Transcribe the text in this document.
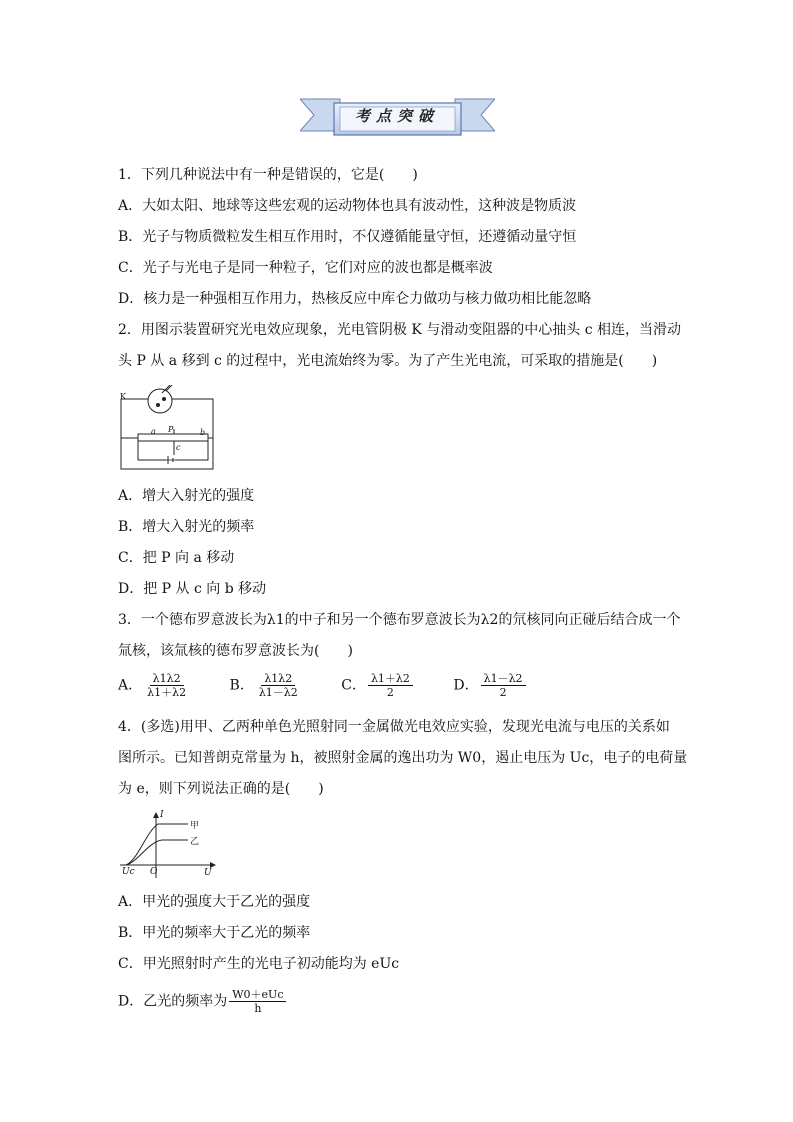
考点突破
1．下列几种说法中有一种是错误的，它是(　　)
A．大如太阳、地球等这些宏观的运动物体也具有波动性，这种波是物质波
B．光子与物质微粒发生相互作用时，不仅遵循能量守恒，还遵循动量守恒
C．光子与光电子是同一种粒子，它们对应的波也都是概率波
D．核力是一种强相互作用力，热核反应中库仑力做功与核力做功相比能忽略
2．用图示装置研究光电效应现象，光电管阴极 K 与滑动变阻器的中心抽头 c 相连，当滑动
头 P 从 a 移到 c 的过程中，光电流始终为零。为了产生光电流，可采取的措施是(　　)
K
a P	b
c
A．增大入射光的强度
B．增大入射光的频率
C．把 P 向 a 移动
D．把 P 从 c 向 b 移动
3．一个德布罗意波长为λ1的中子和另一个德布罗意波长为λ2的氘核同向正碰后结合成一个
氚核，该氚核的德布罗意波长为(　　)
A． $\frac{\lambda 1\lambda 2}{\lambda 1+\lambda 2}$	B． $\frac{\lambda 1\lambda 2}{\lambda 1-\lambda 2}$	C． $\frac{\lambda 1+\lambda 2}{2}$	D． $\frac{\lambda 1-\lambda 2}{2}$
4．(多选)用甲、乙两种单色光照射同一金属做光电效应实验，发现光电流与电压的关系如
图所示。已知普朗克常量为 h，被照射金属的逸出功为 W0，遏止电压为 Uc，电子的电荷量
为 e，则下列说法正确的是(　　)
I
甲
乙
Uc O	U
A．甲光的强度大于乙光的强度
B．甲光的频率大于乙光的频率
C．甲光照射时产生的光电子初动能均为 eUc
D．乙光的频率为 $\frac{\text{W0＋eUc}}{h}$
